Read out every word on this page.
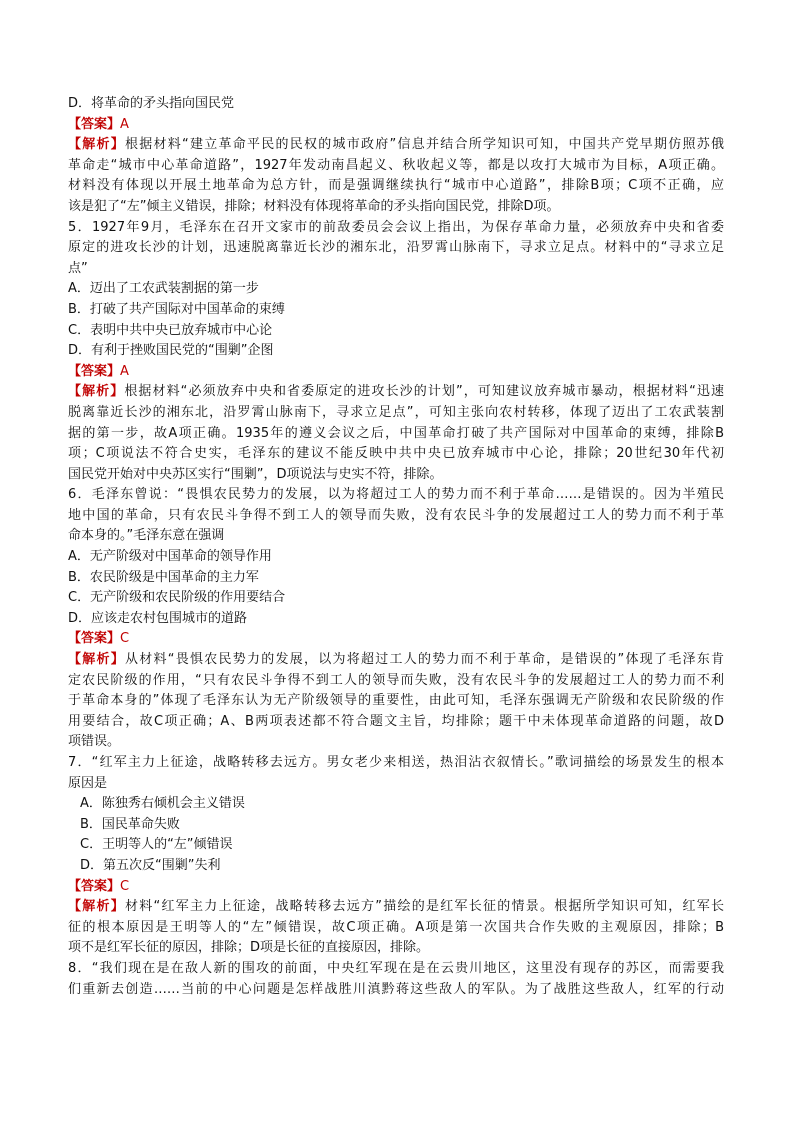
D．将革命的矛头指向国民党
【答案】A
【解析】根据材料“建立革命平民的民权的城市政府”信息并结合所学知识可知，中国共产党早期仿照苏俄
革命走“城市中心革命道路”，1927年发动南昌起义、秋收起义等，都是以攻打大城市为目标，A项正确。
材料没有体现以开展土地革命为总方针，而是强调继续执行“城市中心道路”，排除B项；C项不正确，应
该是犯了“左”倾主义错误，排除；材料没有体现将革命的矛头指向国民党，排除D项。
5．1927年9月，毛泽东在召开文家市的前敌委员会会议上指出，为保存革命力量，必须放弃中央和省委
原定的进攻长沙的计划，迅速脱离靠近长沙的湘东北，沿罗霄山脉南下，寻求立足点。材料中的“寻求立足
点”
A．迈出了工农武装割据的第一步
B．打破了共产国际对中国革命的束缚
C．表明中共中央已放弃城市中心论
D．有利于挫败国民党的“围剿”企图
【答案】A
【解析】根据材料“必须放弃中央和省委原定的进攻长沙的计划”，可知建议放弃城市暴动，根据材料“迅速
脱离靠近长沙的湘东北，沿罗霄山脉南下，寻求立足点”，可知主张向农村转移，体现了迈出了工农武装割
据的第一步，故A项正确。1935年的遵义会议之后，中国革命打破了共产国际对中国革命的束缚，排除B
项；C项说法不符合史实，毛泽东的建议不能反映中共中央已放弃城市中心论，排除；20世纪30年代初
国民党开始对中央苏区实行“围剿”，D项说法与史实不符，排除。
6．毛泽东曾说：“畏惧农民势力的发展，以为将超过工人的势力而不利于革命……是错误的。因为半殖民
地中国的革命，只有农民斗争得不到工人的领导而失败，没有农民斗争的发展超过工人的势力而不利于革
命本身的。”毛泽东意在强调
A．无产阶级对中国革命的领导作用
B．农民阶级是中国革命的主力军
C．无产阶级和农民阶级的作用要结合
D．应该走农村包围城市的道路
【答案】C
【解析】从材料“畏惧农民势力的发展，以为将超过工人的势力而不利于革命，是错误的”体现了毛泽东肯
定农民阶级的作用，“只有农民斗争得不到工人的领导而失败，没有农民斗争的发展超过工人的势力而不利
于革命本身的”体现了毛泽东认为无产阶级领导的重要性，由此可知，毛泽东强调无产阶级和农民阶级的作
用要结合，故C项正确；A、B两项表述都不符合题文主旨，均排除；题干中未体现革命道路的问题，故D
项错误。
7．“红军主力上征途，战略转移去远方。男女老少来相送，热泪沾衣叙情长。”歌词描绘的场景发生的根本
原因是
A．陈独秀右倾机会主义错误
B．国民革命失败
C．王明等人的“左”倾错误
D．第五次反“围剿”失利
【答案】C
【解析】材料“红军主力上征途，战略转移去远方”描绘的是红军长征的情景。根据所学知识可知，红军长
征的根本原因是王明等人的“左”倾错误，故C项正确。A项是第一次国共合作失败的主观原因，排除；B
项不是红军长征的原因，排除；D项是长征的直接原因，排除。
8．“我们现在是在敌人新的围攻的前面，中央红军现在是在云贵川地区，这里没有现存的苏区，而需要我
们重新去创造……当前的中心问题是怎样战胜川滇黔蒋这些敌人的军队。为了战胜这些敌人，红军的行动
